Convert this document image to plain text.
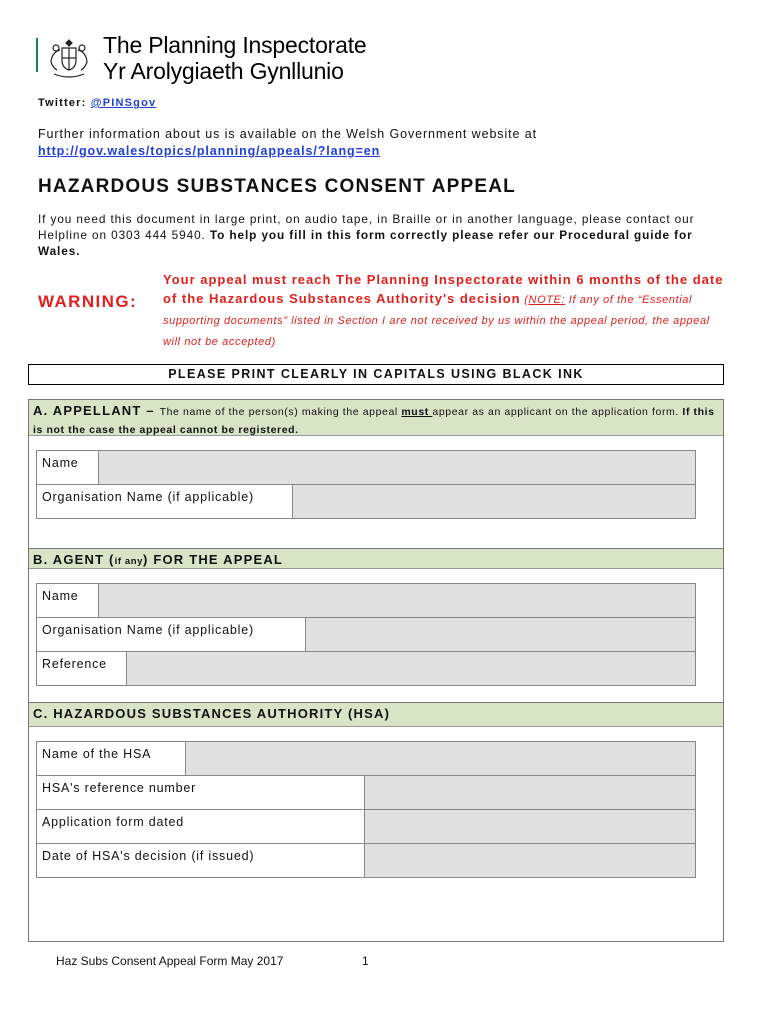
The Planning Inspectorate
Yr Arolygiaeth Gynllunio
Twitter: @PINSgov
Further information about us is available on the Welsh Government website at
http://gov.wales/topics/planning/appeals/?lang=en
HAZARDOUS SUBSTANCES CONSENT APPEAL
If you need this document in large print, on audio tape, in Braille or in another language, please contact our Helpline on 0303 444 5940. To help you fill in this form correctly please refer our Procedural guide for Wales.
WARNING:
Your appeal must reach The Planning Inspectorate within 6 months of the date of the Hazardous Substances Authority's decision (NOTE: If any of the “Essential supporting documents” listed in Section I are not received by us within the appeal period, the appeal will not be accepted)
PLEASE PRINT CLEARLY IN CAPITALS USING BLACK INK
A. APPELLANT – The name of the person(s) making the appeal must appear as an applicant on the application form. If this is not the case the appeal cannot be registered.
Name
Organisation Name (if applicable)
B. AGENT (if any) FOR THE APPEAL
Name
Organisation Name (if applicable)
Reference
C. HAZARDOUS SUBSTANCES AUTHORITY (HSA)
Name of the HSA
HSA's reference number
Application form dated
Date of HSA's decision (if issued)
Haz Subs Consent Appeal Form May 2017	1
